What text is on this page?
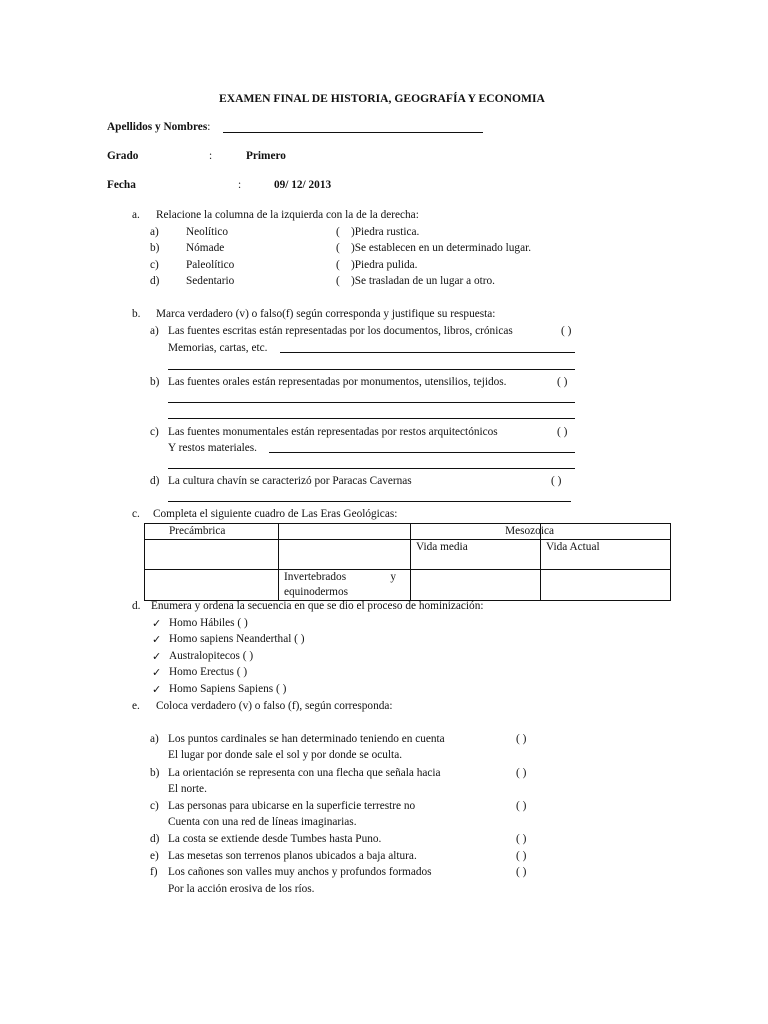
EXAMEN FINAL DE HISTORIA, GEOGRAFÍA Y ECONOMIA
Apellidos y Nombres:
Grado	:	Primero
Fecha	:	09/ 12/ 2013
a. Relacione la columna de la izquierda con la de la derecha:
a) Neolítico	( )Piedra rustica.
b) Nómade	( )Se establecen en un determinado lugar.
c) Paleolítico	( )Piedra pulida.
d) Sedentario	( )Se trasladan de un lugar a otro.
b. Marca verdadero (v) o falso(f) según corresponda y justifique su respuesta:
a) Las fuentes escritas están representadas por los documentos, libros, crónicas	( )
Memorias, cartas, etc.
b) Las fuentes orales están representadas por monumentos, utensilios, tejidos.	( )
c) Las fuentes monumentales están representadas por restos arquitectónicos	( )
Y restos materiales.
d) La cultura chavín se caracterizó por Paracas Cavernas	( )
c. Completa el siguiente cuadro de Las Eras Geológicas:
Precámbrica		Mesozoica	
		Vida media	Vida Actual

	Invertebrados y
equinodermos		

d. Enumera y ordena la secuencia en que se dio el proceso de hominización:
✓ Homo Hábiles ( )
✓ Homo sapiens Neanderthal ( )
✓ Australopitecos ( )
✓ Homo Erectus ( )
✓ Homo Sapiens Sapiens ( )
e. Coloca verdadero (v) o falso (f), según corresponda:
a) Los puntos cardinales se han determinado teniendo en cuenta	( )
El lugar por donde sale el sol y por donde se oculta.
b) La orientación se representa con una flecha que señala hacia	( )
El norte.
c) Las personas para ubicarse en la superficie terrestre no	( )
Cuenta con una red de líneas imaginarias.
d) La costa se extiende desde Tumbes hasta Puno.	( )
e) Las mesetas son terrenos planos ubicados a baja altura.	( )
f) Los cañones son valles muy anchos y profundos formados	( )
Por la acción erosiva de los ríos.
